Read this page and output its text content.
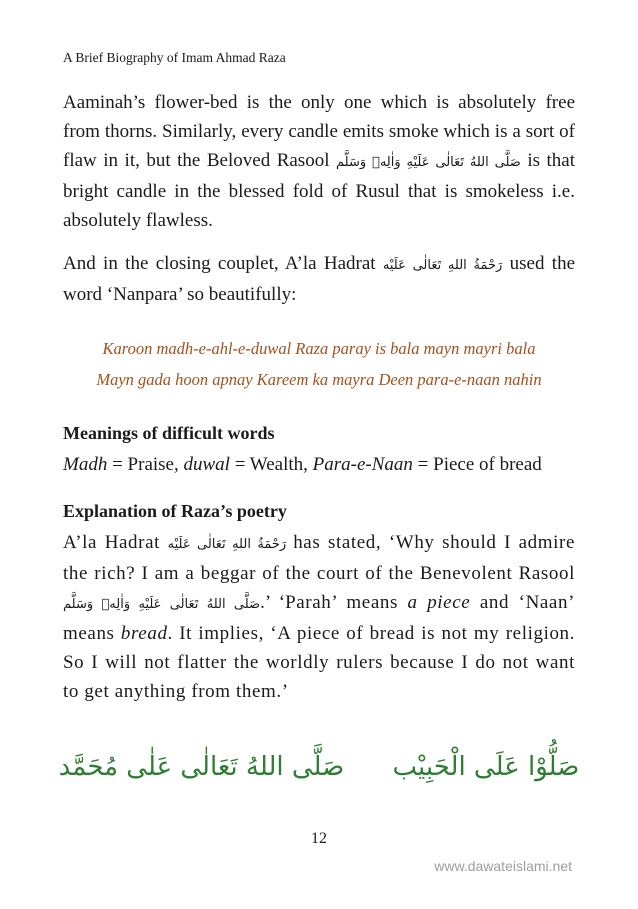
A Brief Biography of Imam Ahmad Raza

Aaminah’s flower-bed is the only one which is absolutely free from thorns. Similarly, every candle emits smoke which is a sort of flaw in it, but the Beloved Rasool صَلَّى اللهُ تَعَالٰى عَلَيْهِ وَاٰلِهٖ وَسَلَّم is that bright candle in the blessed fold of Rusul that is smokeless i.e. absolutely flawless.

And in the closing couplet, A’la Hadrat رَحْمَةُ اللهِ تَعَالٰى عَلَيْه used the word ‘Nanpara’ so beautifully:

Karoon madh-e-ahl-e-duwal Raza paray is bala mayn mayri bala
Mayn gada hoon apnay Kareem ka mayra Deen para-e-naan nahin
Meanings of difficult words

Madh = Praise, duwal = Wealth, Para-e-Naan = Piece of bread

Explanation of Raza’s poetry

A’la Hadrat رَحْمَةُ اللهِ تَعَالٰى عَلَيْه has stated, ‘Why should I admire the rich? I am a beggar of the court of the Benevolent Rasool صَلَّى اللهُ تَعَالٰى عَلَيْهِ وَاٰلِهٖ وَسَلَّم.’ ‘Parah’ means a piece and ‘Naan’ means bread. It implies, ‘A piece of bread is not my religion. So I will not flatter the worldly rulers because I do not want to get anything from them.’

صَلُّوْا عَلَى الْحَبِيْب صَلَّى اللهُ تَعَالٰى عَلٰى مُحَمَّد
12
www.dawateislami.net
